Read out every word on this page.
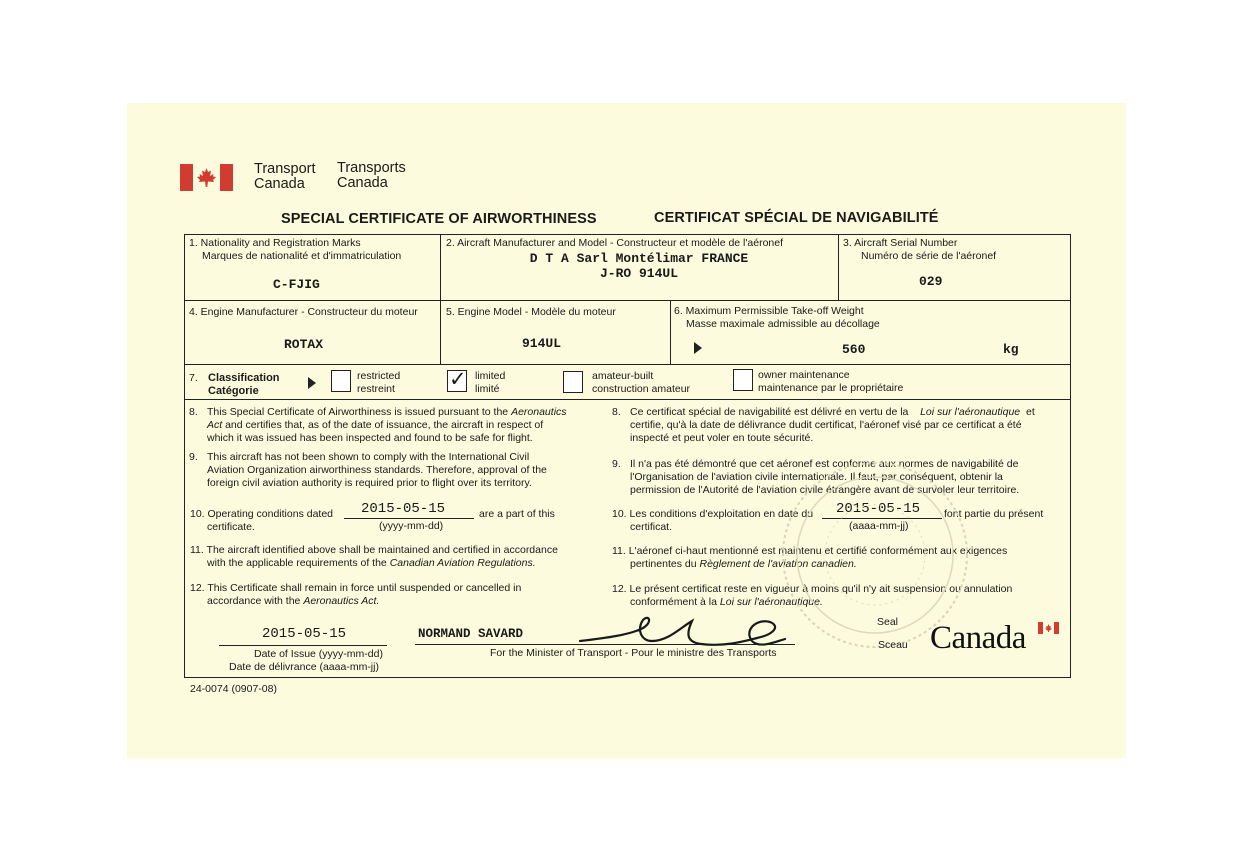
Transport
Canada
Transports
Canada
SPECIAL CERTIFICATE OF AIRWORTHINESS	CERTIFICAT SPÉCIAL DE NAVIGABILITÉ
1. Nationality and Registration Marks
Marques de nationalité et d'immatriculation
C-FJIG
2. Aircraft Manufacturer and Model - Constructeur et modèle de l'aéronef
D T A Sarl Montélimar FRANCE
J-RO 914UL
3. Aircraft Serial Number
Numéro de série de l'aéronef
029
4. Engine Manufacturer - Constructeur du moteur
ROTAX
5. Engine Model - Modèle du moteur
914UL
6. Maximum Permissible Take-off Weight
Masse maximale admissible au décollage
560	kg
7. Classification
Catégorie
restricted
restreint	✓ limited
limité
amateur-built
construction amateur
owner maintenance
maintenance par le propriétaire
8. This Special Certificate of Airworthiness is issued pursuant to the Aeronautics
Act and certifies that, as of the date of issuance, the aircraft in respect of
which it was issued has been inspected and found to be safe for flight.
9. This aircraft has not been shown to comply with the International Civil
Aviation Organization airworthiness standards. Therefore, approval of the
foreign civil aviation authority is required prior to flight over its territory.
10. Operating conditions dated 2015-05-15
(yyyy-mm-dd)
are a part of this
certificate.
11. The aircraft identified above shall be maintained and certified in accordance
with the applicable requirements of the Canadian Aviation Regulations.
12. This Certificate shall remain in force until suspended or cancelled in
accordance with the Aeronautics Act.
8. Ce certificat spécial de navigabilité est délivré en vertu de la Loi sur l'aéronautique et
certifie, qu'à la date de délivrance dudit certificat, l'aéronef visé par ce certificat a été
inspecté et peut voler en toute sécurité.
9. Il n'a pas été démontré que cet aéronef est conforme aux normes de navigabilité de
l'Organisation de l'aviation civile internationale. Il faut, par conséquent, obtenir la
permission de l'Autorité de l'aviation civile étrangère avant de survoler leur territoire.
10. Les conditions d'exploitation en date du 2015-05-15
(aaaa-mm-jj)
font partie du présent
certificat.
11. L'aéronef ci-haut mentionné est maintenu et certifié conformément aux exigences
pertinentes du Règlement de l'aviation canadien.
12. Le présent certificat reste en vigueur à moins qu'il n'y ait suspension ou annulation
conformément à la Loi sur l'aéronautique.
2015-05-15
Date of Issue (yyyy-mm-dd)
Date de délivrance (aaaa-mm-jj)
NORMAND SAVARD
For the Minister of Transport - Pour le ministre des Transports
Seal
Sceau Canada
24-0074 (0907-08)
